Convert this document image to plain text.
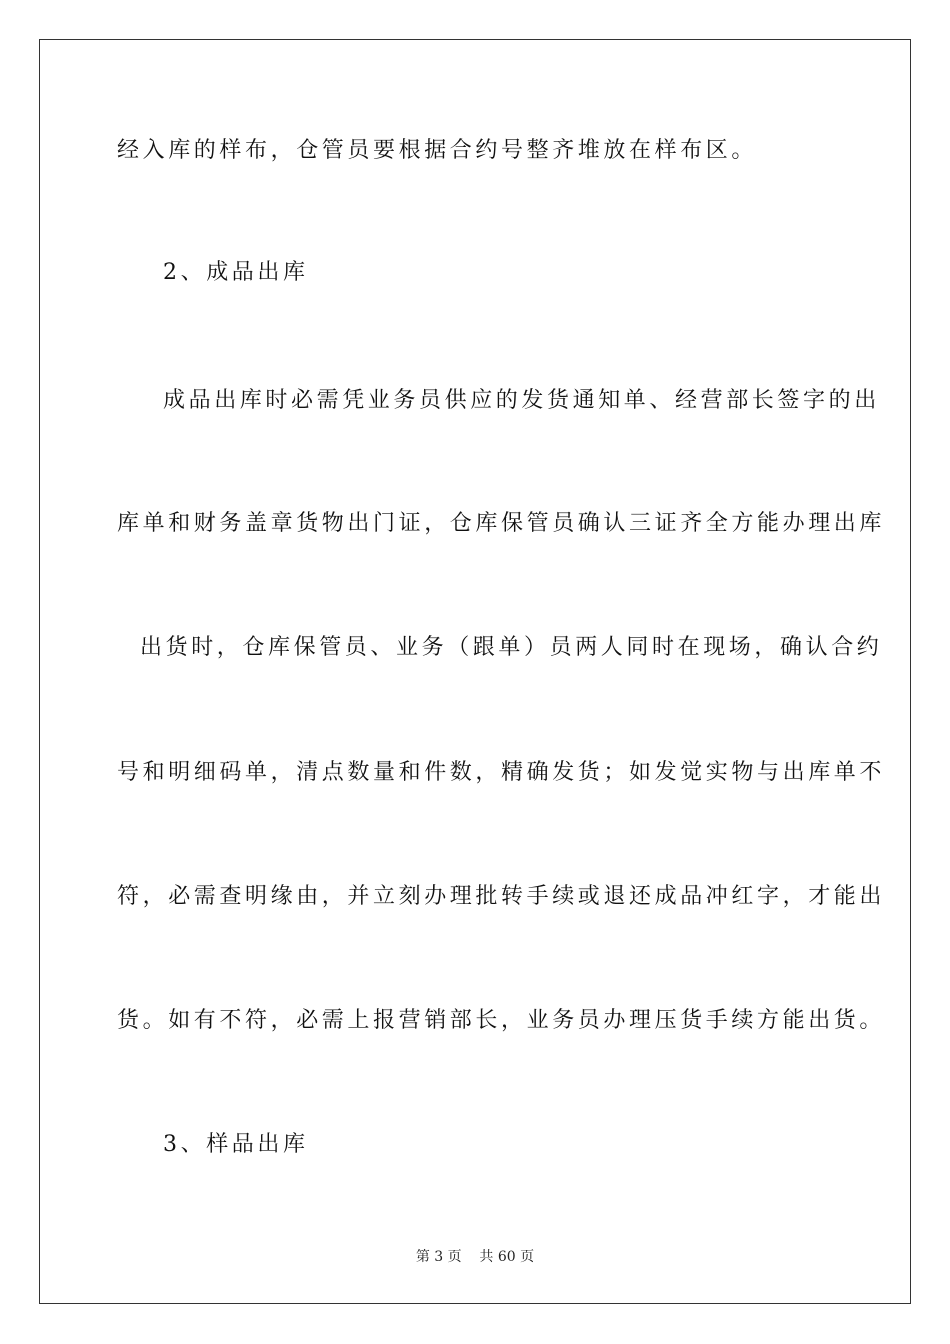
经入库的样布，仓管员要根据合约号整齐堆放在样布区。
2、成品出库
成品出库时必需凭业务员供应的发货通知单、经营部长签字的出
库单和财务盖章货物出门证，仓库保管员确认三证齐全方能办理出库
出货时，仓库保管员、业务（跟单）员两人同时在现场，确认合约
号和明细码单，清点数量和件数，精确发货；如发觉实物与出库单不
符，必需查明缘由，并立刻办理批转手续或退还成品冲红字，才能出
货。如有不符，必需上报营销部长，业务员办理压货手续方能出货。
3、样品出库
第 3 页    共 60 页
